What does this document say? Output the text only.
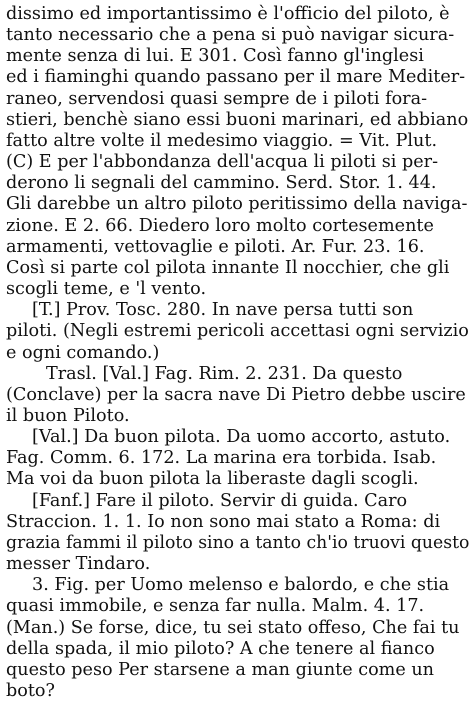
dissimo ed importantissimo è l'officio del piloto, è
tanto necessario che a pena si può navigar sicura-
mente senza di lui. E 301. Così fanno gl'inglesi
ed i fiaminghi quando passano per il mare Mediter-
raneo, servendosi quasi sempre de i piloti fora-
stieri, benchè siano essi buoni marinari, ed abbiano
fatto altre volte il medesimo viaggio. = Vit. Plut.
(C) E per l'abbondanza dell'acqua li piloti si per-
derono li segnali del cammino. Serd. Stor. 1. 44.
Gli darebbe un altro piloto peritissimo della naviga-
zione. E 2. 66. Diedero loro molto cortesemente
armamenti, vettovaglie e piloti. Ar. Fur. 23. 16.
Così si parte col pilota innante Il nocchier, che gli
scogli teme, e 'l vento.
[T.] Prov. Tosc. 280. In nave persa tutti son
piloti. (Negli estremi pericoli accettasi ogni servizio
e ogni comando.)
Trasl. [Val.] Fag. Rim. 2. 231. Da questo
(Conclave) per la sacra nave Di Pietro debbe uscire
il buon Piloto.
[Val.] Da buon pilota. Da uomo accorto, astuto.
Fag. Comm. 6. 172. La marina era torbida. Isab.
Ma voi da buon pilota la liberaste dagli scogli.
[Fanf.] Fare il piloto. Servir di guida. Caro
Straccion. 1. 1. Io non sono mai stato a Roma: di
grazia fammi il piloto sino a tanto ch'io truovi questo
messer Tindaro.
3. Fig. per Uomo melenso e balordo, e che stia
quasi immobile, e senza far nulla. Malm. 4. 17.
(Man.) Se forse, dice, tu sei stato offeso, Che fai tu
della spada, il mio piloto? A che tenere al fianco
questo peso Per starsene a man giunte come un
boto?
